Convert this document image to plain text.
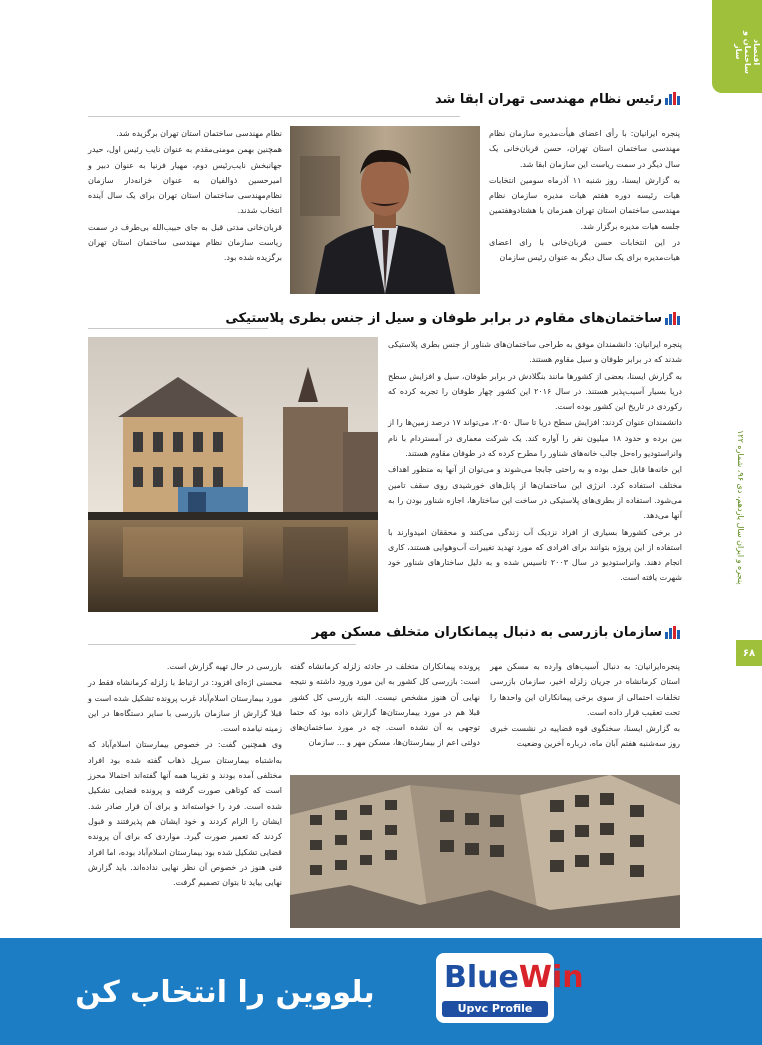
اقتصاد ساختمان و ساز
پنجره و ایران سال یازدهم، دی ۹۶، شماره ۱۲۲
۶۸
رئیس نظام مهندسی تهران ابقا شد

پنجره ایرانیان: با رأی اعضای هیأت‌مدیره سازمان نظام مهندسی ساختمان استان تهران، حسن قربان‌خانی یک سال دیگر در سمت ریاست این سازمان ابقا شد.

به گزارش ایسنا، روز شنبه ۱۱ آذرماه سومین انتخابات هیات رئیسه دوره هفتم هیات مدیره سازمان نظام مهندسی ساختمان استان تهران همزمان با هشتادوهفتمین جلسه هیات مدیره برگزار شد.

در این انتخابات حسن قربان‌خانی با رای اعضای هیات‌مدیره برای یک سال دیگر به عنوان رئیس سازمان

نظام مهندسی ساختمان استان تهران برگزیده شد.

همچنین بهمن مومنی‌مقدم به عنوان نایب رئیس اول، حیدر جهانبخش نایب‌رئیس دوم، مهیار فرنیا به عنوان دبیر و امیرحسین ذوالفیان به عنوان خزانه‌دار سازمان نظام‌مهندسی ساختمان استان تهران برای یک سال آینده انتخاب شدند.

قربان‌خانی مدتی قبل به جای حبیب‌الله بی‌طرف در سمت ریاست سازمان نظام مهندسی ساختمان استان تهران برگزیده شده بود.

ساختمان‌های مقاوم در برابر طوفان و سیل از جنس بطری پلاستیکی

پنجره ایرانیان: دانشمندان موفق به طراحی ساختمان‌های شناور از جنس بطری پلاستیکی شدند که در برابر طوفان و سیل مقاوم هستند.

به گزارش ایسنا، بعضی از کشورها مانند بنگلادش در برابر طوفان، سیل و افزایش سطح دریا بسیار آسیب‌پذیر هستند. در سال ۲۰۱۶ این کشور چهار طوفان را تجربه کرده که رکوردی در تاریخ این کشور بوده است.

دانشمندان عنوان کردند: افزایش سطح دریا تا سال ۲۰۵۰، می‌تواند ۱۷ درصد زمین‌ها را از بین برده و حدود ۱۸ میلیون نفر را آواره کند. یک شرکت معماری در آمستردام با نام وانراستودیو راه‌حل جالب خانه‌های شناور را مطرح کرده که در طوفان مقاوم هستند.

این خانه‌ها قابل حمل بوده و به راحتی جابجا می‌شوند و می‌توان از آنها به منظور اهداف مختلف استفاده کرد. انرژی این ساختمان‌ها از پانل‌های خورشیدی روی سقف تامین می‌شود. استفاده از بطری‌های پلاستیکی در ساخت این ساختارها، اجازه شناور بودن را به آنها می‌دهد.

در برخی کشورها بسیاری از افراد نزدیک آب زندگی می‌کنند و محققان امیدوارند با استفاده از این پروژه بتوانند برای افرادی که مورد تهدید تغییرات آب‌وهوایی هستند، کاری انجام دهند. وانراستودیو در سال ۲۰۰۳ تاسیس شده و به دلیل ساختارهای شناور خود شهرت یافته است.

سازمان بازرسی به دنبال پیمانکاران متخلف مسکن مهر

پنجره‌ایرانیان: به دنبال آسیب‌های وارده به مسکن مهر استان کرمانشاه در جریان زلزله اخیر، سازمان بازرسی تخلفات احتمالی از سوی برخی پیمانکاران این واحدها را تحت تعقیب قرار داده است.

به گزارش ایسنا، سخنگوی قوه قضاییه در نشست خبری روز سه‌شنبه هفتم آبان ماه، درباره آخرین وضعیت

پرونده پیمانکاران متخلف در حادثه زلزله کرمانشاه گفته است: بازرسی کل کشور به این مورد ورود داشته و نتیجه نهایی آن هنوز مشخص نیست. البته بازرسی کل کشور قبلا هم در مورد بیمارستان‌ها گزارش داده بود که حتما توجهی به آن نشده است. چه در مورد ساختمان‌های دولتی اعم از بیمارستان‌ها، مسکن مهر و ... سازمان

بازرسی در حال تهیه گزارش است.

محسنی اژه‌ای افزود: در ارتباط با زلزله کرمانشاه فقط در مورد بیمارستان اسلام‌آباد غرب پرونده تشکیل شده است و قبلا گزارش از سازمان بازرسی با سایر دستگاه‌ها در این زمینه نیامده است.

وی همچنین گفت: در خصوص بیمارستان اسلام‌آباد که به‌اشتباه بیمارستان سرپل ذهاب گفته شده بود افراد مختلفی آمده بودند و تقریبا همه آنها گفته‌اند احتمالا محرز است که کوتاهی صورت گرفته و پرونده قضایی تشکیل شده است. فرد را خواسته‌اند و برای آن قرار صادر شد. ایشان را الزام کردند و خود ایشان هم پذیرفتند و قبول کردند که تعمیر صورت گیرد. مواردی که برای آن پرونده قضایی تشکیل شده بود بیمارستان اسلام‌آباد بوده، اما افراد فنی هنوز در خصوص آن نظر نهایی نداده‌اند. باید گزارش نهایی بیاید تا بتوان تصمیم گرفت.

بلووین را انتخاب کن	BlueWin
Upvc Profile
